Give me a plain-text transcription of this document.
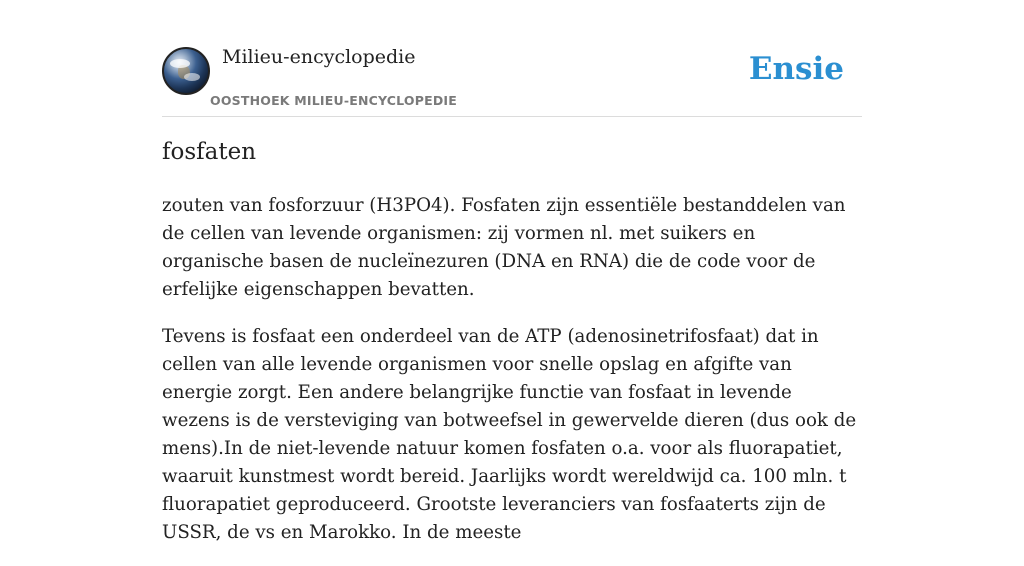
Milieu-encyclopedie
OOSTHOEK MILIEU-ENCYCLOPEDIE
Ensie
fosfaten

zouten van fosforzuur (H3PO4). Fosfaten zijn essentiële bestanddelen van de cellen van levende organismen: zij vormen nl. met suikers en organische basen de nucleïnezuren (DNA en RNA) die de code voor de erfelijke eigenschappen bevatten.

Tevens is fosfaat een onderdeel van de ATP (adenosinetrifosfaat) dat in cellen van alle levende organismen voor snelle opslag en afgifte van energie zorgt. Een andere belangrijke functie van fosfaat in levende wezens is de versteviging van botweefsel in gewervelde dieren (dus ook de mens).In de niet-levende natuur komen fosfaten o.a. voor als fluorapatiet, waaruit kunstmest wordt bereid. Jaarlijks wordt wereldwijd ca. 100 mln. t fluorapatiet geproduceerd. Grootste leveranciers van fosfaaterts zijn de USSR, de vs en Marokko. In de meeste
